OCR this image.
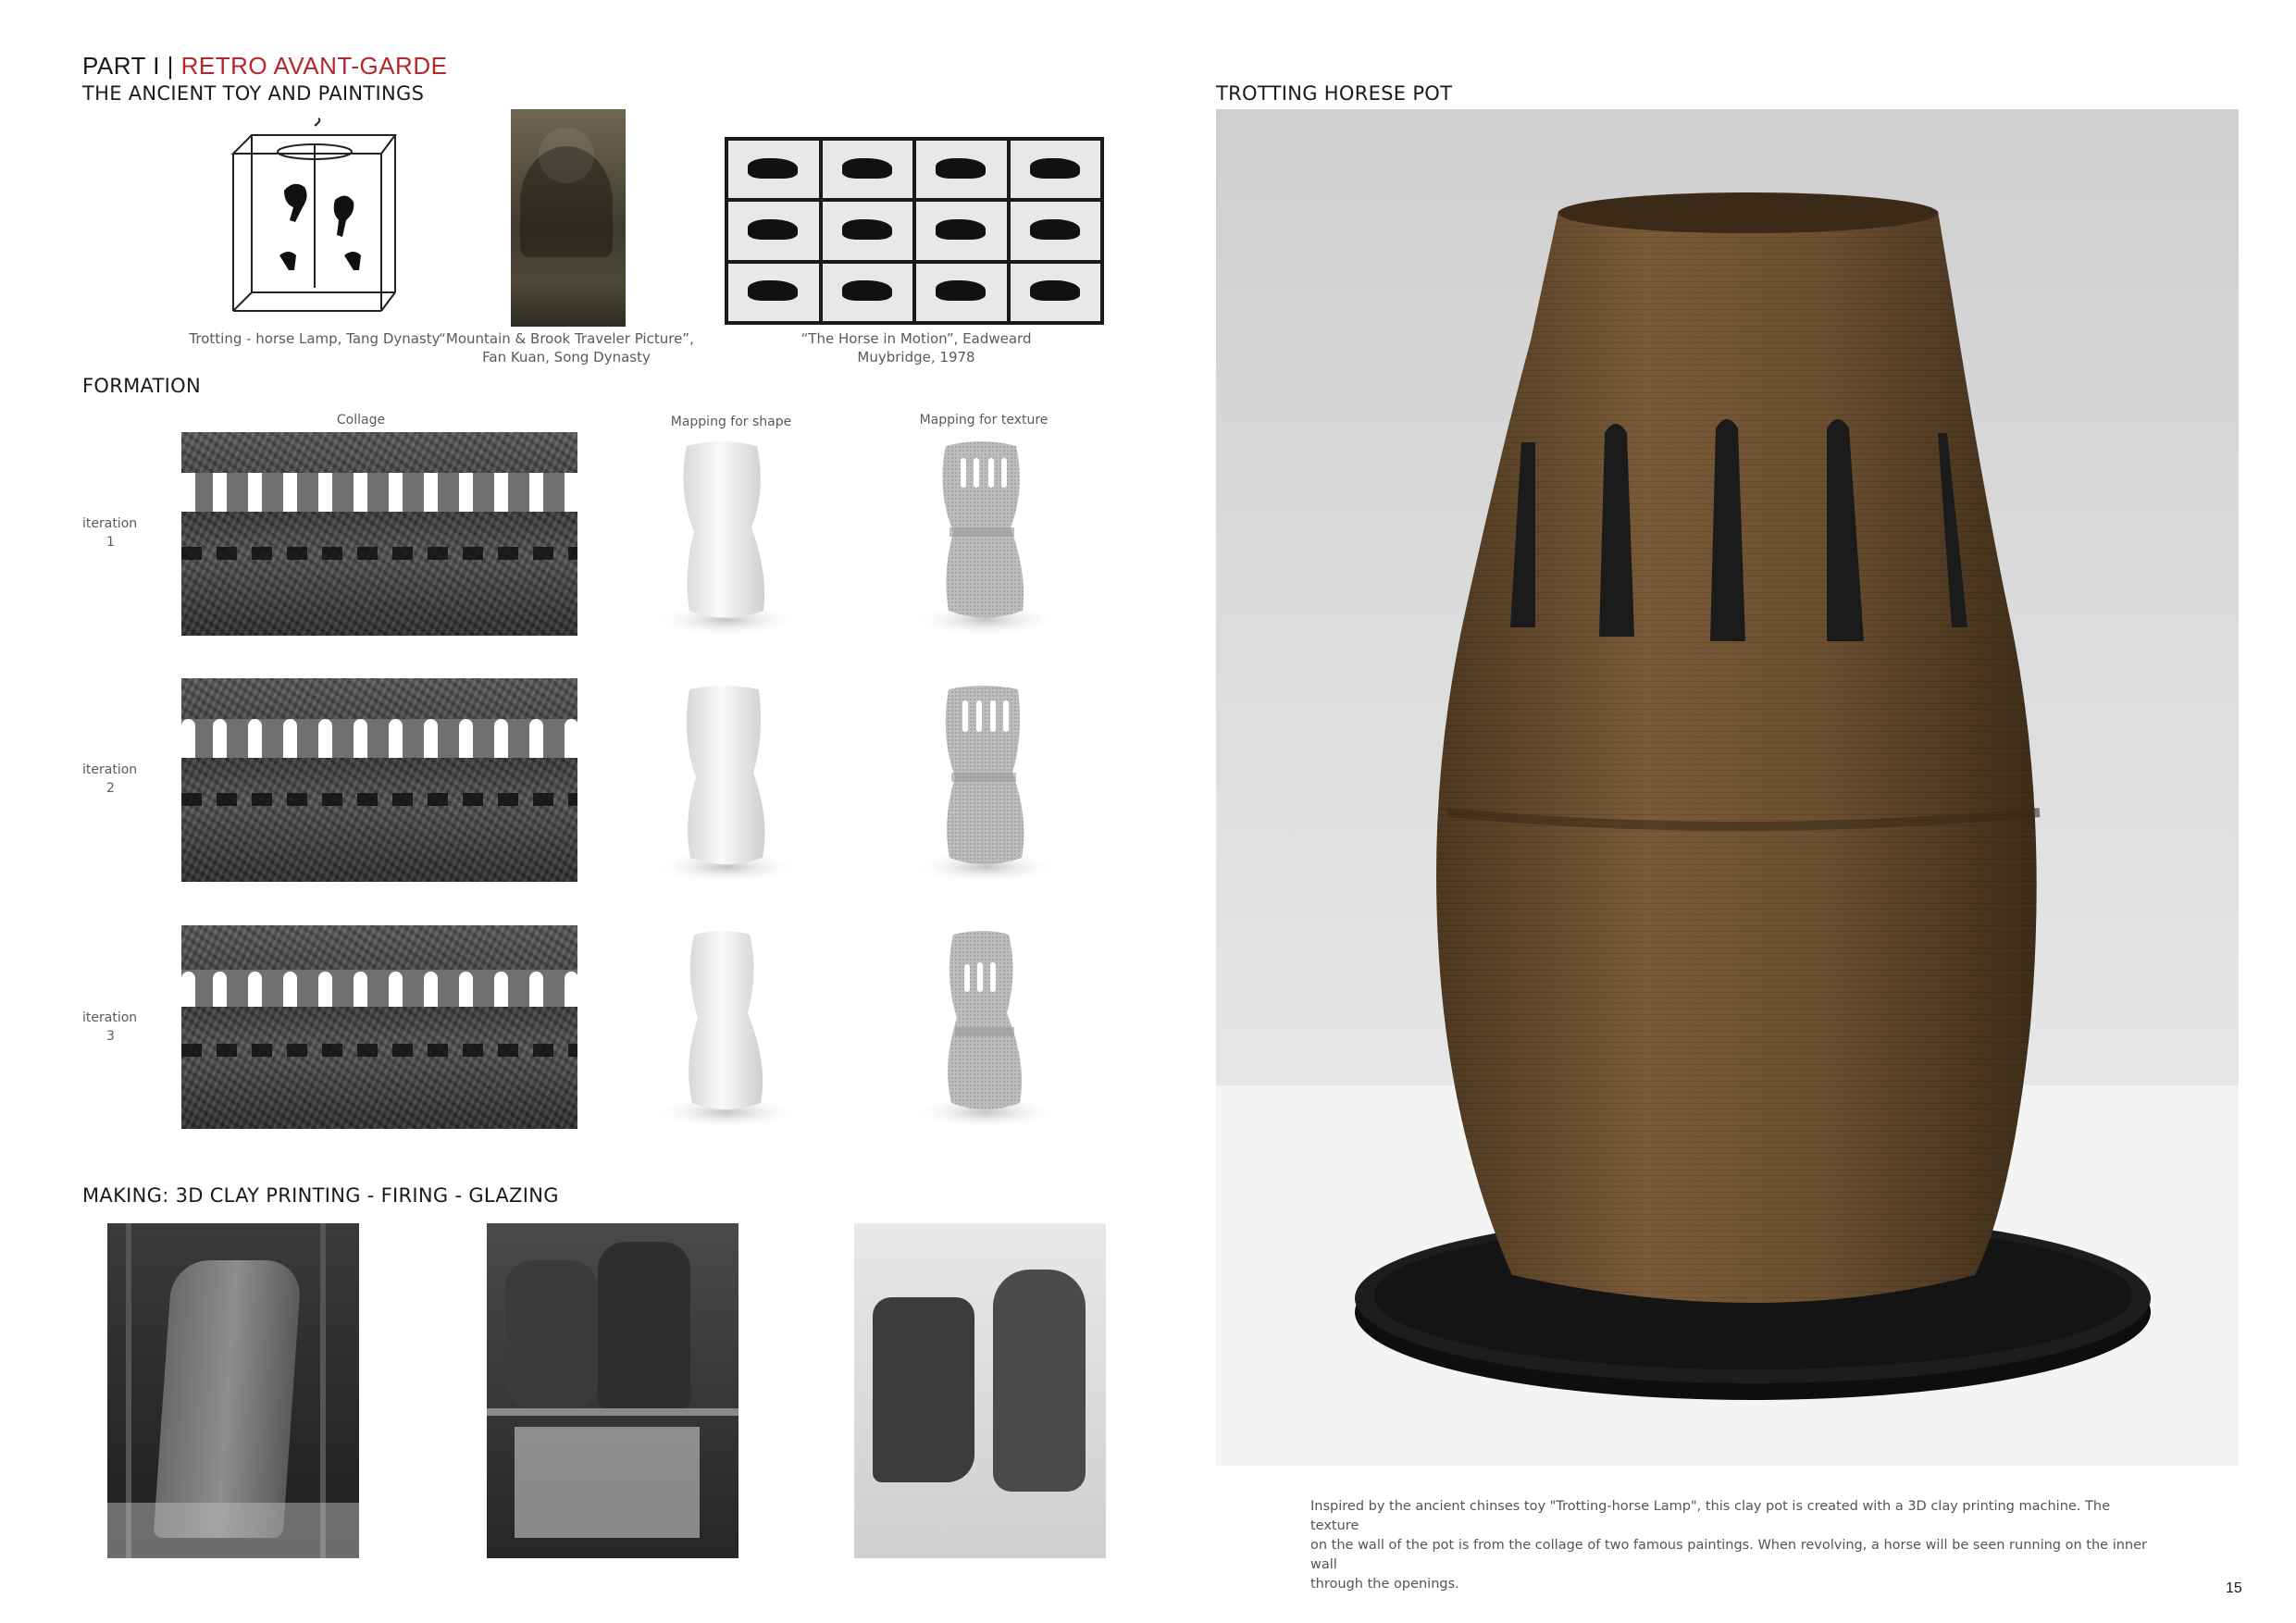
PART I | RETRO AVANT-GARDE
THE ANCIENT TOY AND PAINTINGS
Trotting - horse Lamp, Tang Dynasty
“Mountain & Brook Traveler Picture”,
Fan Kuan, Song Dynasty
“The Horse in Motion”, Eadweard
Muybridge, 1978
FORMATION
Collage	Mapping for shape	Mapping for texture
iteration
1
iteration
2
iteration
3
MAKING: 3D CLAY PRINTING - FIRING - GLAZING
TROTTING HORESE POT
Inspired by the ancient chinses toy "Trotting-horse Lamp", this clay pot is created with a 3D clay printing machine. The texture
on the wall of the pot is from the collage of two famous paintings. When revolving, a horse will be seen running on the inner wall
through the openings.	15
